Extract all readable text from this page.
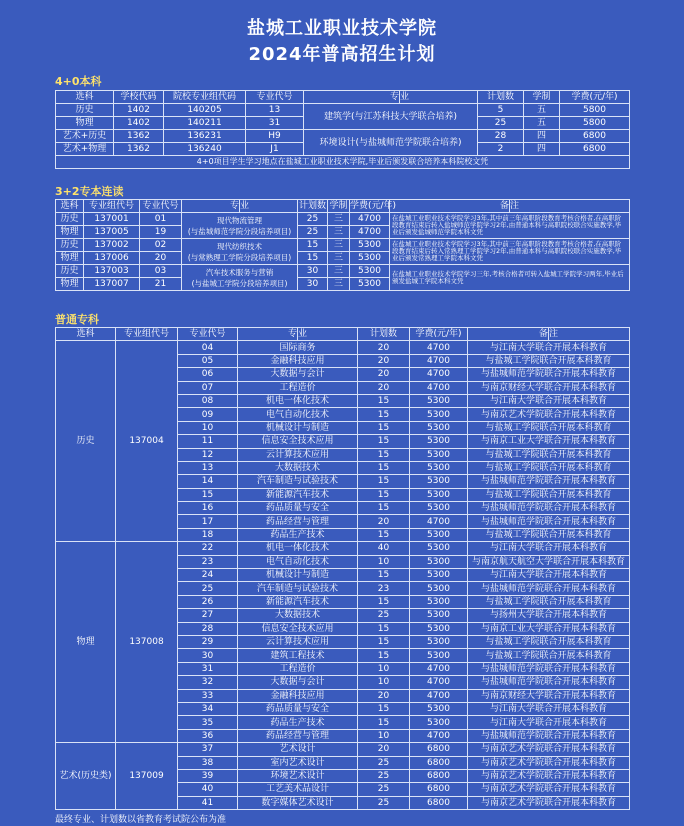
盐城工业职业技术学院
2024年普高招生计划
4+0本科
选科	学校代码	院校专业组代码	专业代号	专	业	计划数	学制	学费(元/年)
历史	1402	140205	13	建筑学(与江苏科技大学联合培养)		5	五	5800
物理	1402	140211	31			25	五	5800
艺术+历史	1362	136231	H9	环境设计(与盐城师范学院联合培养)		28	四	6800
艺术+物理	1362	136240	J1			2	四	6800
4+0项目学生学习地点在盐城工业职业技术学院,毕业后颁发联合培养本科院校文凭								
3+2专本连读
选科	专业组代号	专业代号	专	业	计划数	学制	学费(元/年)	备	注
历史	137001	01	现代物流管理
(与盐城师范学院分段培养项目)		25	三	4700	在盐城工业职业技术学院学习3年,其中前三年高职阶段教育考核合格者,在高职阶段教育结束后转入盐城师范学院学习2年,由普通本科与高职院校联合实施教学,毕业后颁发盐城师范学院本科文凭	
物理	137005	19			25	三	4700		
历史	137002	02	现代纺织技术
(与常熟理工学院分段培养项目)		15	三	5300	在盐城工业职业技术学院学习3年,其中前三年高职阶段教育考核合格者,在高职阶段教育结束后转入常熟理工学院学习2年,由普通本科与高职院校联合实施教学,毕业后颁发常熟理工学院本科文凭	
物理	137006	20			15	三	5300		
历史	137003	03	汽车技术服务与营销
(与盐城工学院分段培养项目)		30	三	5300	在盐城工业职业技术学院学习三年,考核合格者可转入盐城工学院学习两年,毕业后颁发盐城工学院本科文凭	
物理	137007	21			30	三	5300		
普通专科
选科	专业组代号	专业代号	专	业	计划数	学费(元/年)	备	注
历史	137004	04	国际商务		20	4700	与江南大学联合开展本科教育	
		05	金融科技应用		20	4700	与盐城工学院联合开展本科教育	
		06	大数据与会计		20	4700	与盐城师范学院联合开展本科教育	
		07	工程造价		20	4700	与南京财经大学联合开展本科教育	
		08	机电一体化技术		15	5300	与江南大学联合开展本科教育	
		09	电气自动化技术		15	5300	与南京艺术学院联合开展本科教育	
		10	机械设计与制造		15	5300	与盐城工学院联合开展本科教育	
		11	信息安全技术应用		15	5300	与南京工业大学联合开展本科教育	
		12	云计算技术应用		15	5300	与盐城工学院联合开展本科教育	
		13	大数据技术		15	5300	与盐城工学院联合开展本科教育	
		14	汽车制造与试验技术		15	5300	与盐城师范学院联合开展本科教育	
		15	新能源汽车技术		15	5300	与盐城工学院联合开展本科教育	
		16	药品质量与安全		15	5300	与盐城师范学院联合开展本科教育	
		17	药品经营与管理		20	4700	与盐城师范学院联合开展本科教育	
		18	药品生产技术		15	5300	与盐城工学院联合开展本科教育	
物理	137008	22	机电一体化技术		40	5300	与江南大学联合开展本科教育	
		23	电气自动化技术		10	5300	与南京航天航空大学联合开展本科教育	
		24	机械设计与制造		15	5300	与江南大学联合开展本科教育	
		25	汽车制造与试验技术		23	5300	与盐城师范学院联合开展本科教育	
		26	新能源汽车技术		15	5300	与盐城工学院联合开展本科教育	
		27	大数据技术		25	5300	与扬州大学联合开展本科教育	
		28	信息安全技术应用		15	5300	与南京工业大学联合开展本科教育	
		29	云计算技术应用		15	5300	与盐城工学院联合开展本科教育	
		30	建筑工程技术		15	5300	与盐城工学院联合开展本科教育	
		31	工程造价		10	4700	与盐城师范学院联合开展本科教育	
		32	大数据与会计		10	4700	与盐城师范学院联合开展本科教育	
		33	金融科技应用		20	4700	与南京财经大学联合开展本科教育	
		34	药品质量与安全		15	5300	与江南大学联合开展本科教育	
		35	药品生产技术		15	5300	与江南大学联合开展本科教育	
		36	药品经营与管理		10	4700	与盐城师范学院联合开展本科教育	
艺术(历史类)	137009	37	艺术设计		20	6800	与南京艺术学院联合开展本科教育	
		38	室内艺术设计		25	6800	与南京艺术学院联合开展本科教育	
		39	环境艺术设计		25	6800	与南京艺术学院联合开展本科教育	
		40	工艺美术品设计		25	6800	与南京艺术学院联合开展本科教育	
		41	数字媒体艺术设计		25	6800	与南京艺术学院联合开展本科教育	
最终专业、计划数以省教育考试院公布为准
